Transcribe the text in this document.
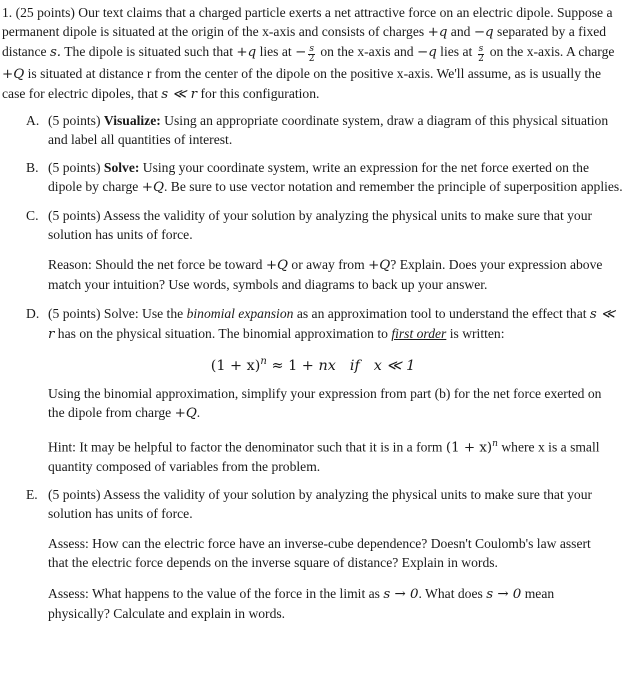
1. (25 points) Our text claims that a charged particle exerts a net attractive force on an electric dipole. Suppose a permanent dipole is situated at the origin of the x-axis and consists of charges +q and −q separated by a fixed distance s. The dipole is situated such that +q lies at − $\frac{s}{2}$ on the x-axis and −q lies at $\frac{s}{2}$ on the x-axis. A charge +Q is situated at distance r from the center of the dipole on the positive x-axis. We'll assume, as is usually the case for electric dipoles, that s ≪ r for this configuration.

A. (5 points) Visualize: Using an appropriate coordinate system, draw a diagram of this physical situation and label all quantities of interest.
B. (5 points) Solve: Using your coordinate system, write an expression for the net force exerted on the dipole by charge +Q. Be sure to use vector notation and remember the principle of superposition applies.
C. (5 points) Assess the validity of your solution by analyzing the physical units to make sure that your solution has units of force.
Reason: Should the net force be toward +Q or away from +Q? Explain. Does your expression above match your intuition? Use words, symbols and diagrams to back up your answer.
D. (5 points) Solve: Use the binomial expansion as an approximation tool to understand the effect that s ≪ r has on the physical situation. The binomial approximation to first order is written:
$(1 + x)^n \approx 1$ + nx if x ≪ 1
Using the binomial approximation, simplify your expression from part (b) for the net force exerted on the dipole from charge +Q.
Hint: It may be helpful to factor the denominator such that it is in a form $(1 + x)^n$ where x is a small quantity composed of variables from the problem.
E. (5 points) Assess the validity of your solution by analyzing the physical units to make sure that your solution has units of force.
Assess: How can the electric force have an inverse-cube dependence? Doesn't Coulomb's law assert that the electric force depends on the inverse square of distance? Explain in words.
Assess: What happens to the value of the force in the limit as s → 0. What does s → 0 mean physically? Calculate and explain in words.
